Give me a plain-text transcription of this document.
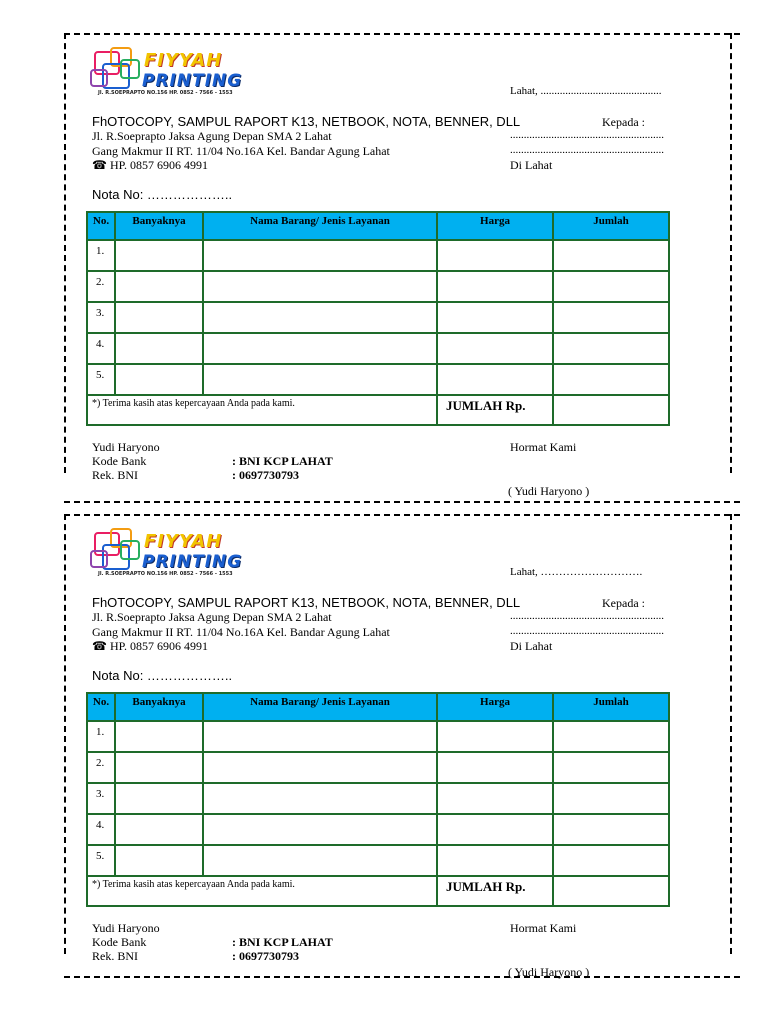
FIYYAH
PRINTING
Jl. R.SOEPRAPTO NO.156 HP. 0852 - 7566 - 1553	Lahat, ............................................
FhOTOCOPY, SAMPUL RAPORT K13, NETBOOK, NOTA, BENNER, DLL	Kepada :
Jl. R.Soeprapto Jaksa Agung Depan SMA 2 Lahat	........................................................
Gang Makmur II RT. 11/04 No.16A Kel. Bandar Agung Lahat	........................................................
☎ HP. 0857 6906 4991	Di Lahat
Nota No: ………………..
No.	Banyaknya	Nama Barang/ Jenis Layanan	Harga	Jumlah
1.				
2.				
3.				
4.				
5.				
*) Terima kasih atas kepercayaan Anda pada kami.			JUMLAH Rp.	
Yudi Haryono	Hormat Kami
Kode Bank	: BNI KCP LAHAT
Rek. BNI	: 0697730793
( Yudi Haryono )
FIYYAH
PRINTING
Jl. R.SOEPRAPTO NO.156 HP. 0852 - 7566 - 1553	Lahat, ……………………….
FhOTOCOPY, SAMPUL RAPORT K13, NETBOOK, NOTA, BENNER, DLL	Kepada :
Jl. R.Soeprapto Jaksa Agung Depan SMA 2 Lahat	........................................................
Gang Makmur II RT. 11/04 No.16A Kel. Bandar Agung Lahat	........................................................
☎ HP. 0857 6906 4991	Di Lahat
Nota No: ………………..
No.	Banyaknya	Nama Barang/ Jenis Layanan	Harga	Jumlah
1.				
2.				
3.				
4.				
5.				
*) Terima kasih atas kepercayaan Anda pada kami.			JUMLAH Rp.	
Yudi Haryono	Hormat Kami
Kode Bank	: BNI KCP LAHAT
Rek. BNI	: 0697730793
( Yudi Haryono )
